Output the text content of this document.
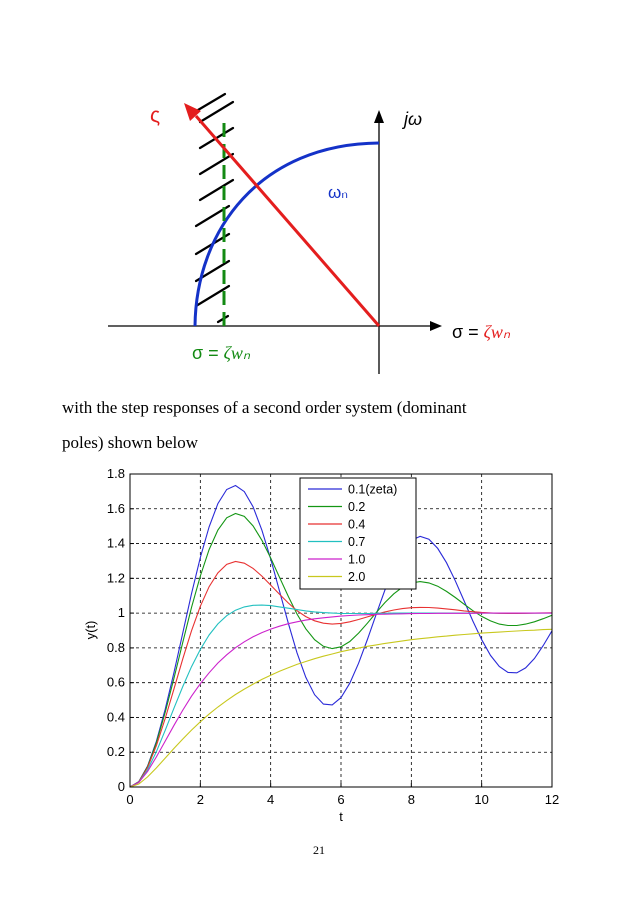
ς	jω
ωₙ
σ = ζwₙ
σ = ζwₙ
with the step responses of a second order system (dominant
poles) shown below
0	2	4	6	8	10	12
0
0.2
0.4
0.6
0.8
1
1.2
1.4
1.6
1.8
t
y(t)
0.1(zeta)
0.2
0.4
0.7
1.0
2.0
21
